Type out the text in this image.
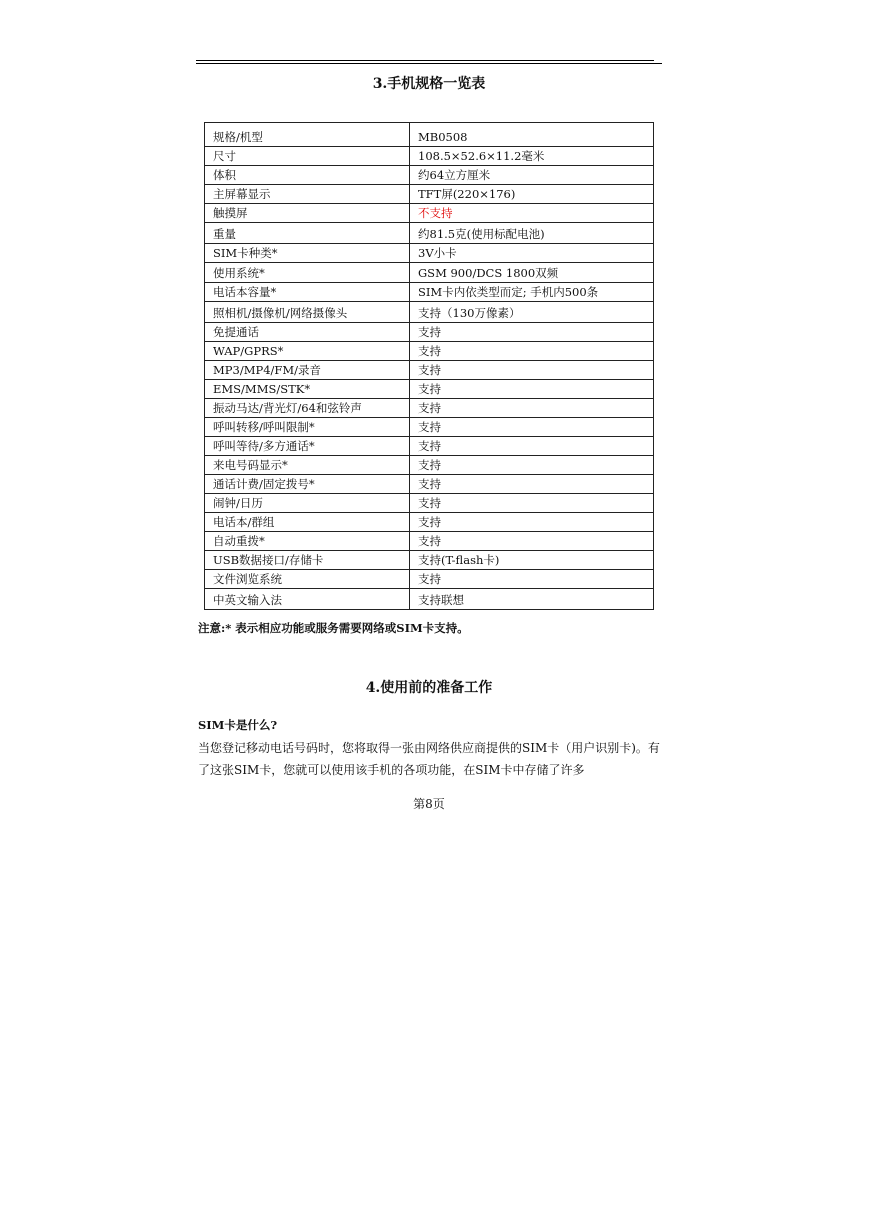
3.手机规格一览表
规格/机型	MB0508
尺寸	108.5×52.6×11.2毫米
体积	约64立方厘米
主屏幕显示	TFT屏(220×176)
触摸屏	不支持
重量	约81.5克(使用标配电池)
SIM卡种类*	3V小卡
使用系统*	GSM 900/DCS 1800双频
电话本容量*	SIM卡内依类型而定; 手机内500条
照相机/摄像机/网络摄像头	支持（130万像素）
免提通话	支持
WAP/GPRS*	支持
MP3/MP4/FM/录音	支持
EMS/MMS/STK*	支持
振动马达/背光灯/64和弦铃声	支持
呼叫转移/呼叫限制*	支持
呼叫等待/多方通话*	支持
来电号码显示*	支持
通话计费/固定拨号*	支持
闹钟/日历	支持
电话本/群组	支持
自动重拨*	支持
USB数据接口/存储卡	支持(T-flash卡)
文件浏览系统	支持
中英文输入法	支持联想
注意:* 表示相应功能或服务需要网络或SIM卡支持。
4.使用前的准备工作
SIM卡是什么?
当您登记移动电话号码时，您将取得一张由网络供应商提供的SIM卡（用户识别卡)。有了这张SIM卡，您就可以使用该手机的各项功能，在SIM卡中存储了许多
第8页
